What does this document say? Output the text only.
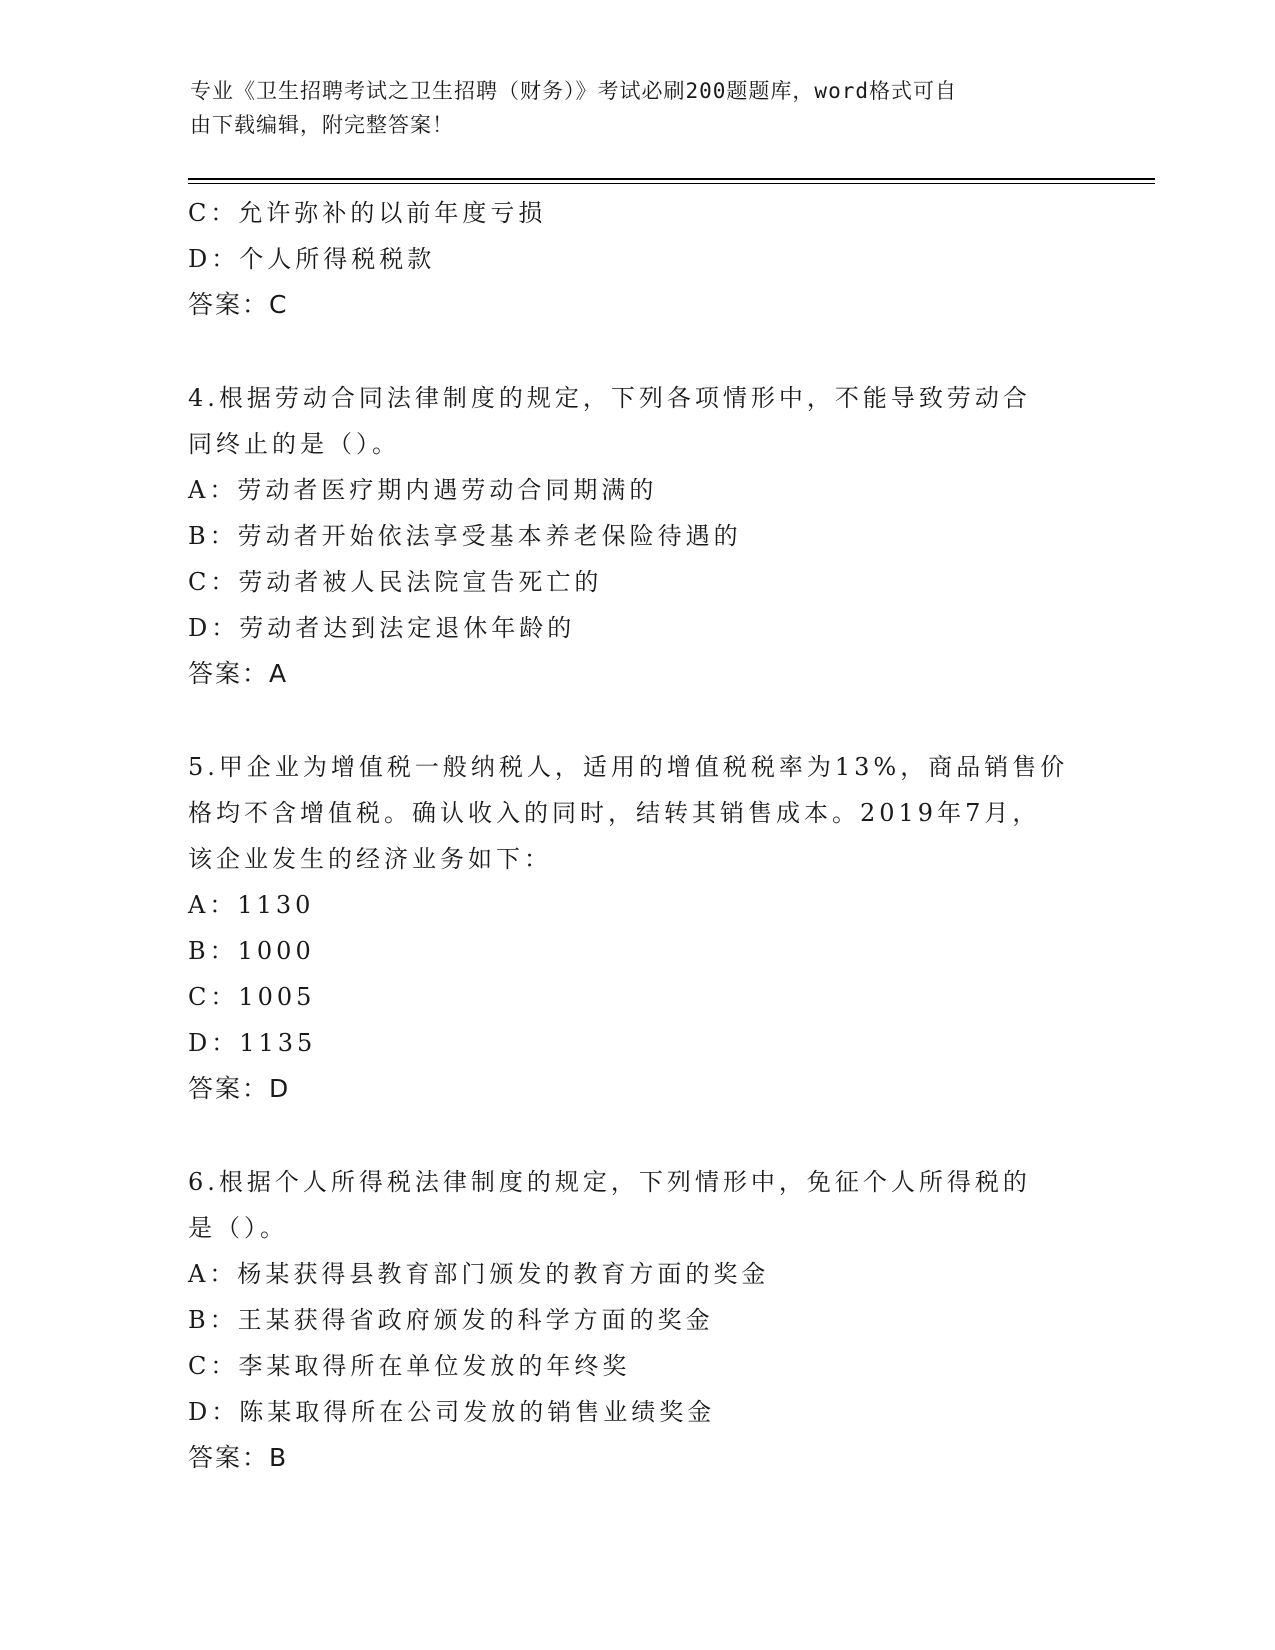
专业《卫生招聘考试之卫生招聘（财务）》考试必刷200题题库，word格式可自
由下载编辑，附完整答案！
C：允许弥补的以前年度亏损
D：个人所得税税款
答案：C
4.根据劳动合同法律制度的规定，下列各项情形中，不能导致劳动合
同终止的是（）。
A：劳动者医疗期内遇劳动合同期满的
B：劳动者开始依法享受基本养老保险待遇的
C：劳动者被人民法院宣告死亡的
D：劳动者达到法定退休年龄的
答案：A
5.甲企业为增值税一般纳税人，适用的增值税税率为13%，商品销售价
格均不含增值税。确认收入的同时，结转其销售成本。2019年7月，
该企业发生的经济业务如下：
A：1130
B：1000
C：1005
D：1135
答案：D
6.根据个人所得税法律制度的规定，下列情形中，免征个人所得税的
是（）。
A：杨某获得县教育部门颁发的教育方面的奖金
B：王某获得省政府颁发的科学方面的奖金
C：李某取得所在单位发放的年终奖
D：陈某取得所在公司发放的销售业绩奖金
答案：B
